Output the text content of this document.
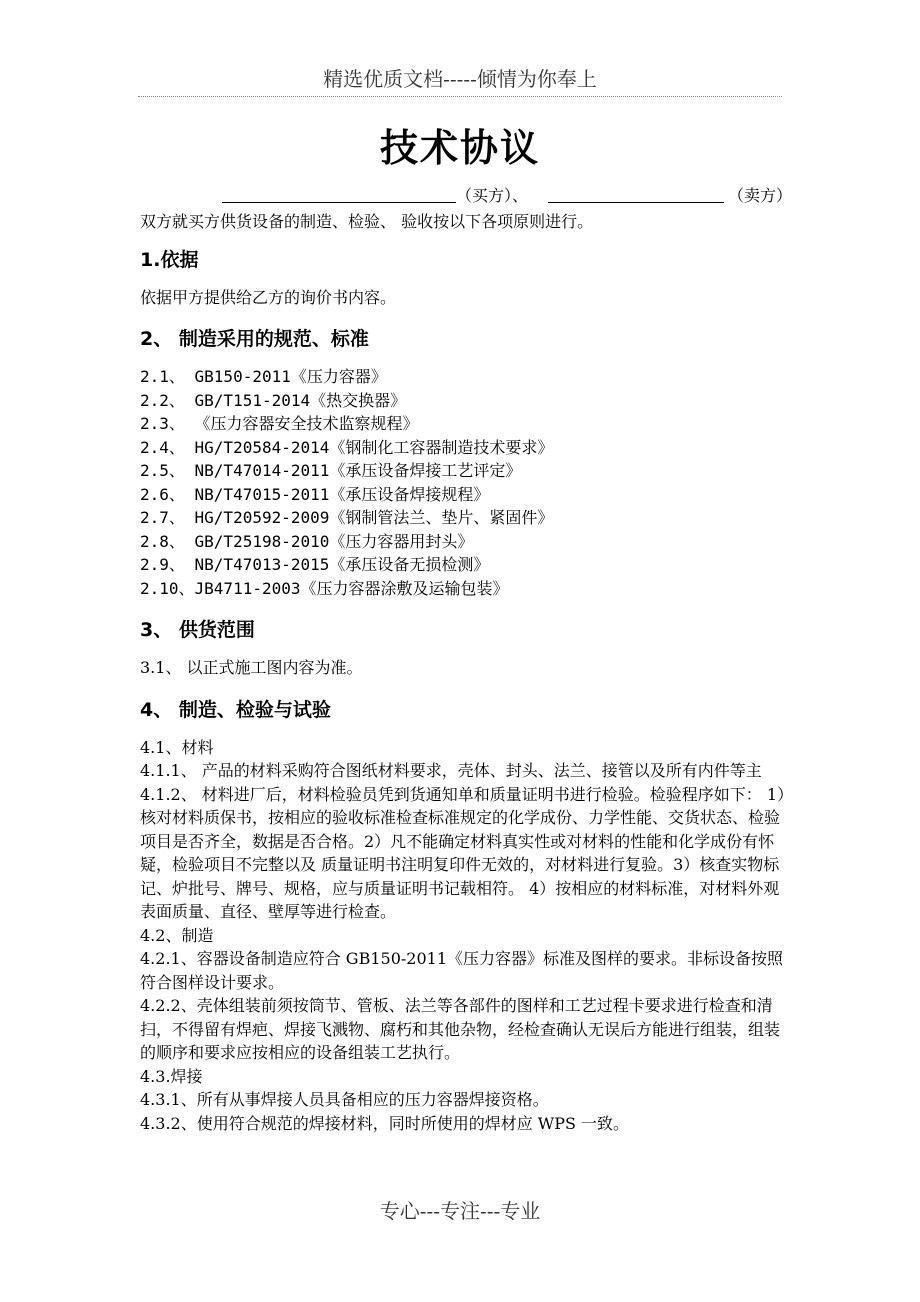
精选优质文档-----倾情为你奉上
技术协议
（买方）、	（卖方）

双方就买方供货设备的制造、检验、 验收按以下各项原则进行。

1.依据

依据甲方提供给乙方的询价书内容。

2、 制造采用的规范、标准

2.1、 GB150-2011《压力容器》

2.2、 GB/T151-2014《热交换器》

2.3、 《压力容器安全技术监察规程》

2.4、 HG/T20584-2014《钢制化工容器制造技术要求》

2.5、 NB/T47014-2011《承压设备焊接工艺评定》

2.6、 NB/T47015-2011《承压设备焊接规程》

2.7、 HG/T20592-2009《钢制管法兰、垫片、紧固件》

2.8、 GB/T25198-2010《压力容器用封头》

2.9、 NB/T47013-2015《承压设备无损检测》

2.10、JB4711-2003《压力容器涂敷及运输包装》

3、 供货范围

3.1、 以正式施工图内容为准。

4、 制造、检验与试验

4.1、材料

4.1.1、 产品的材料采购符合图纸材料要求，壳体、封头、法兰、接管以及所有内件等主

4.1.2、 材料进厂后，材料检验员凭到货通知单和质量证明书进行检验。检验程序如下： 1）核对材料质保书，按相应的验收标准检查标准规定的化学成份、力学性能、交货状态、检验项目是否齐全，数据是否合格。2）凡不能确定材料真实性或对材料的性能和化学成份有怀疑，检验项目不完整以及 质量证明书注明复印件无效的，对材料进行复验。3）核查实物标记、炉批号、牌号、规格，应与质量证明书记载相符。 4）按相应的材料标准，对材料外观表面质量、直径、壁厚等进行检查。

4.2、制造

4.2.1、容器设备制造应符合 GB150-2011《压力容器》标准及图样的要求。非标设备按照符合图样设计要求。

4.2.2、壳体组装前须按筒节、管板、法兰等各部件的图样和工艺过程卡要求进行检查和清扫，不得留有焊疤、焊接飞溅物、腐朽和其他杂物，经检查确认无误后方能进行组装，组装的顺序和要求应按相应的设备组装工艺执行。

4.3.焊接

4.3.1、所有从事焊接人员具备相应的压力容器焊接资格。

4.3.2、使用符合规范的焊接材料，同时所使用的焊材应 WPS 一致。

专心---专注---专业
